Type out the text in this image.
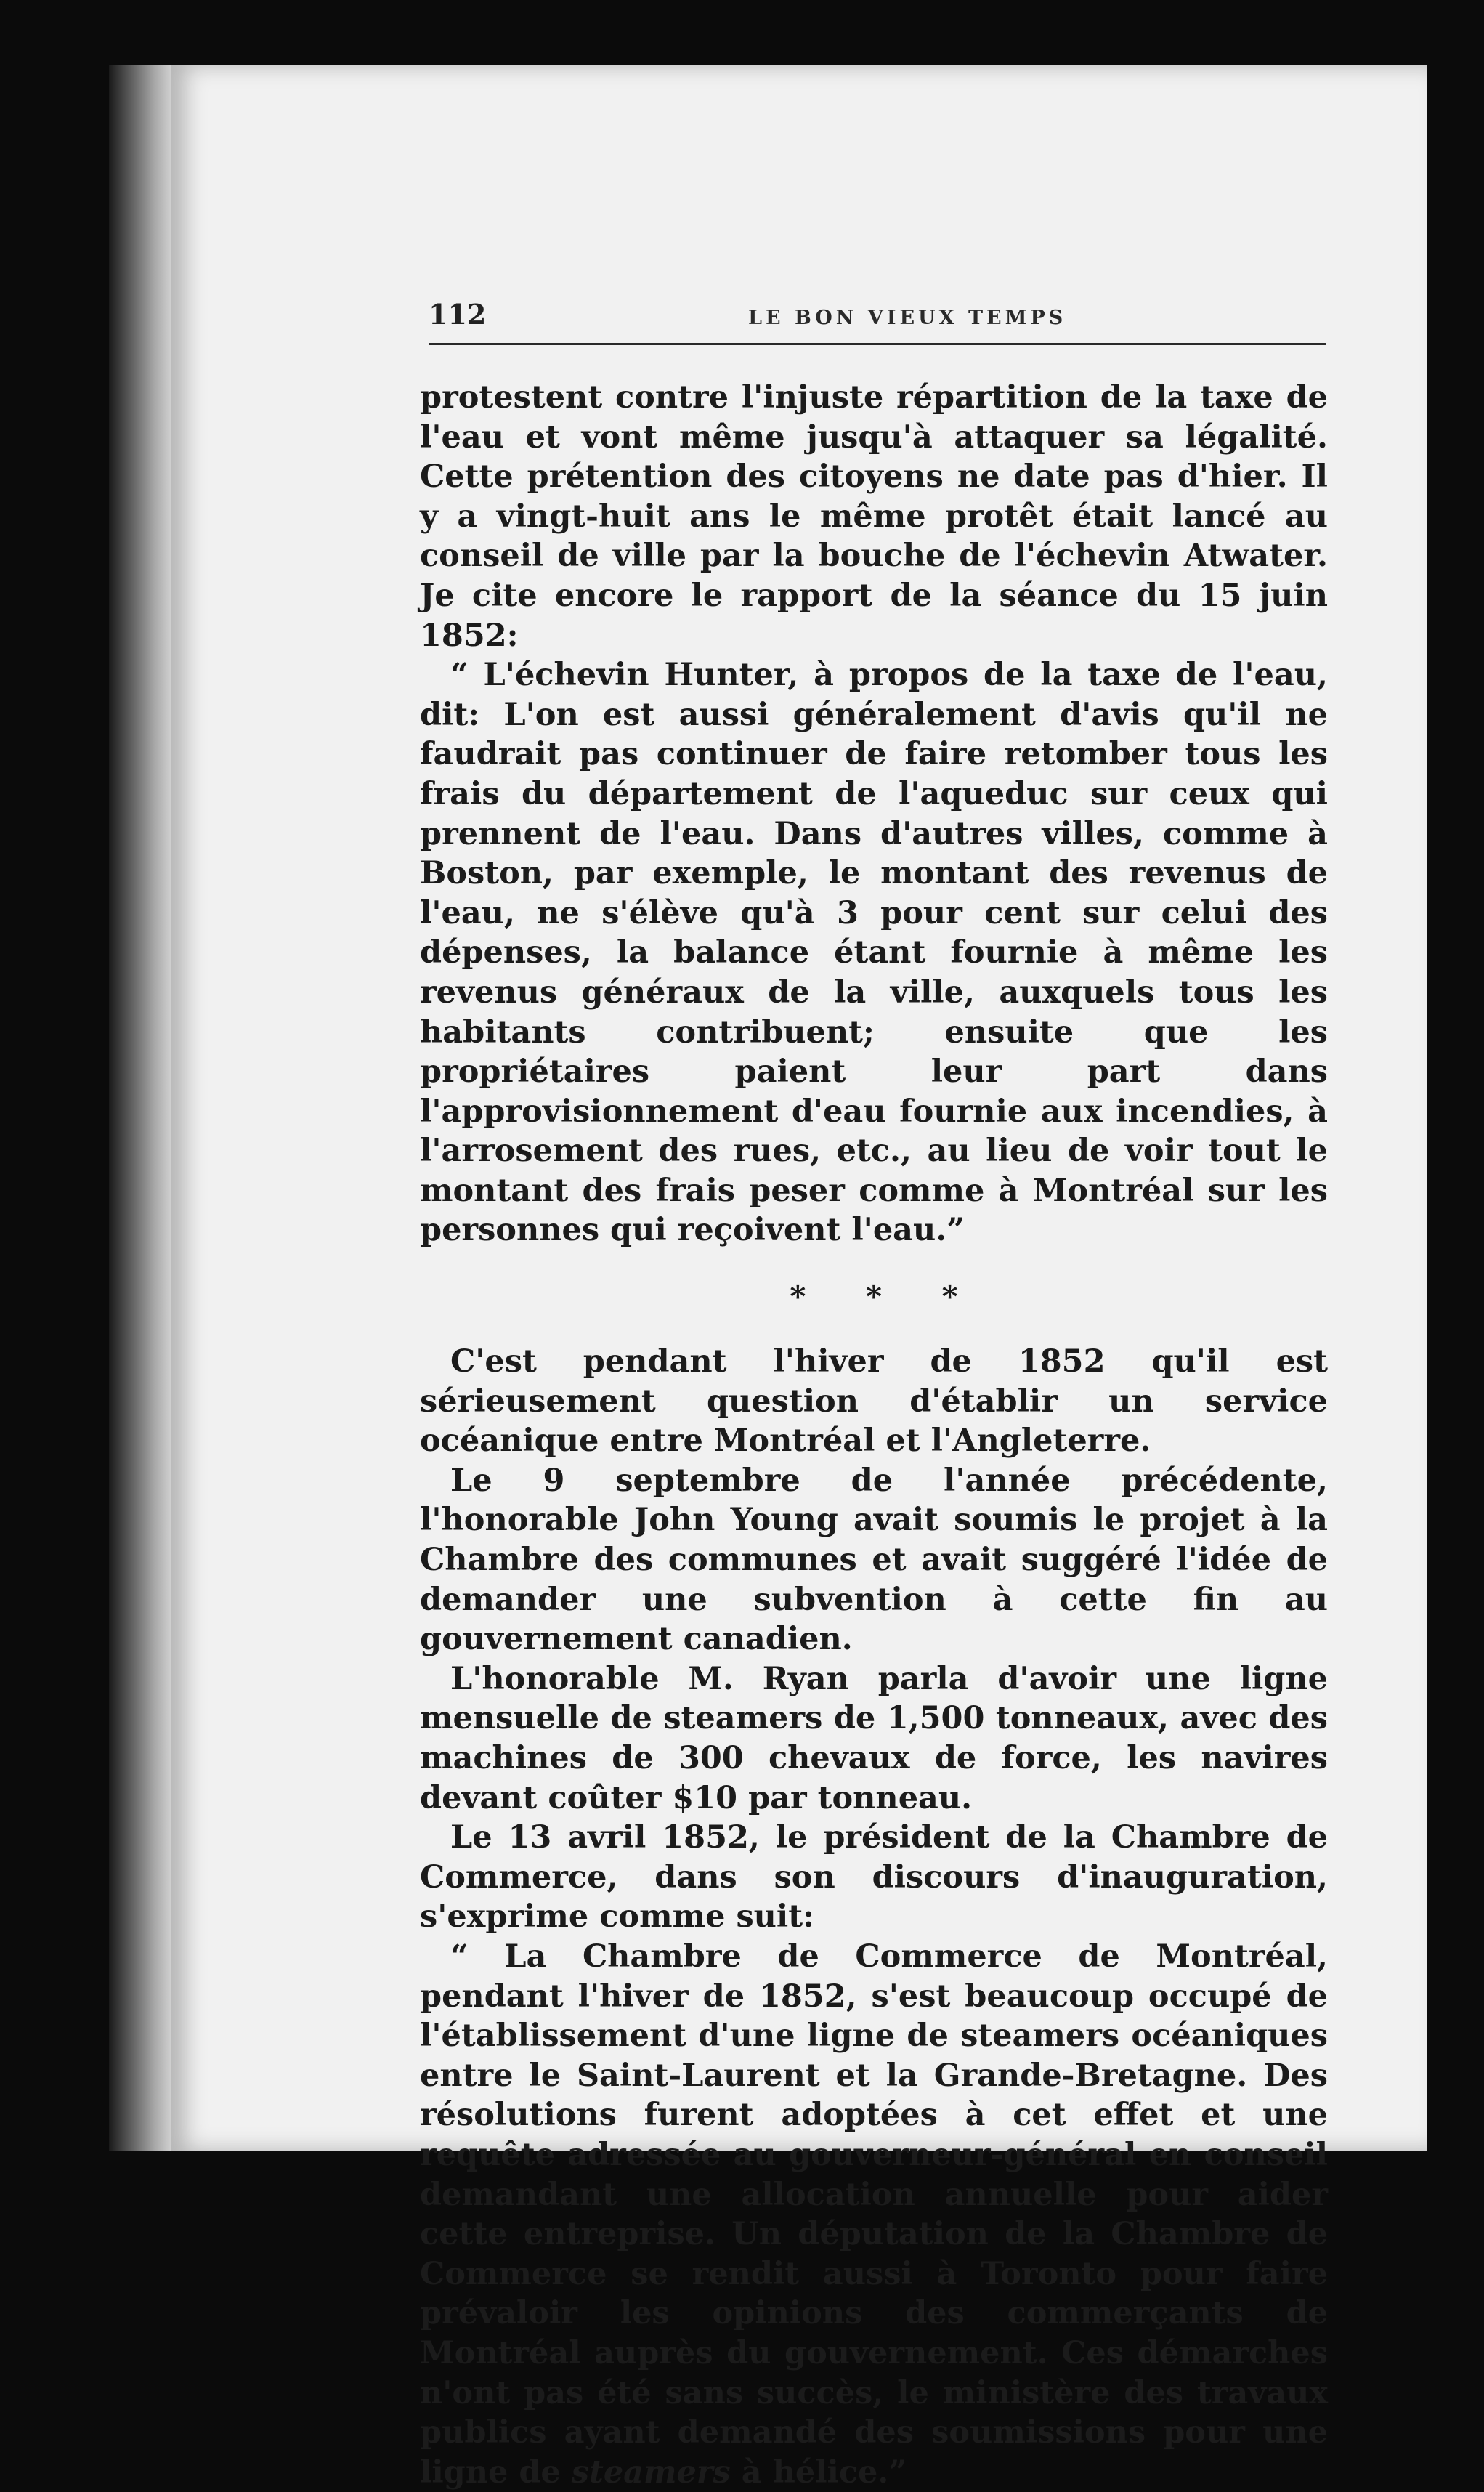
112	LE BON VIEUX TEMPS

protestent contre l'injuste répartition de la taxe de l'eau et vont même jusqu'à attaquer sa légalité. Cette prétention des citoyens ne date pas d'hier. Il y a vingt-huit ans le même protêt était lancé au conseil de ville par la bouche de l'échevin Atwater. Je cite encore le rapport de la séance du 15 juin 1852:

“ L'échevin Hunter, à propos de la taxe de l'eau, dit: L'on est aussi généralement d'avis qu'il ne faudrait pas continuer de faire retomber tous les frais du département de l'aqueduc sur ceux qui prennent de l'eau. Dans d'autres villes, comme à Boston, par exemple, le montant des revenus de l'eau, ne s'élève qu'à 3 pour cent sur celui des dépenses, la balance étant fournie à même les revenus généraux de la ville, auxquels tous les habitants contribuent; ensuite que les propriétaires paient leur part dans l'approvisionnement d'eau fournie aux incendies, à l'arrosement des rues, etc., au lieu de voir tout le montant des frais peser comme à Montréal sur les personnes qui reçoivent l'eau.”

* * *

C'est pendant l'hiver de 1852 qu'il est sérieusement question d'établir un service océanique entre Montréal et l'Angleterre.

Le 9 septembre de l'année précédente, l'honorable John Young avait soumis le projet à la Chambre des communes et avait suggéré l'idée de demander une subvention à cette fin au gouvernement canadien.

L'honorable M. Ryan parla d'avoir une ligne mensuelle de steamers de 1,500 tonneaux, avec des machines de 300 chevaux de force, les navires devant coûter $10 par tonneau.

Le 13 avril 1852, le président de la Chambre de Commerce, dans son discours d'inauguration, s'exprime comme suit:

“ La Chambre de Commerce de Montréal, pendant l'hiver de 1852, s'est beaucoup occupé de l'établissement d'une ligne de steamers océaniques entre le Saint-Laurent et la Grande-Bretagne. Des résolutions furent adoptées à cet effet et une requête adressée au gouverneur-général en conseil demandant une allocation annuelle pour aider cette entreprise. Un députation de la Chambre de Commerce se rendit aussi à Toronto pour faire prévaloir les opinions des commerçants de Montréal auprès du gouvernement. Ces démarches n'ont pas été sans succès, le ministère des travaux publics ayant demandé des soumissions pour une ligne de steamers à hélice.”
